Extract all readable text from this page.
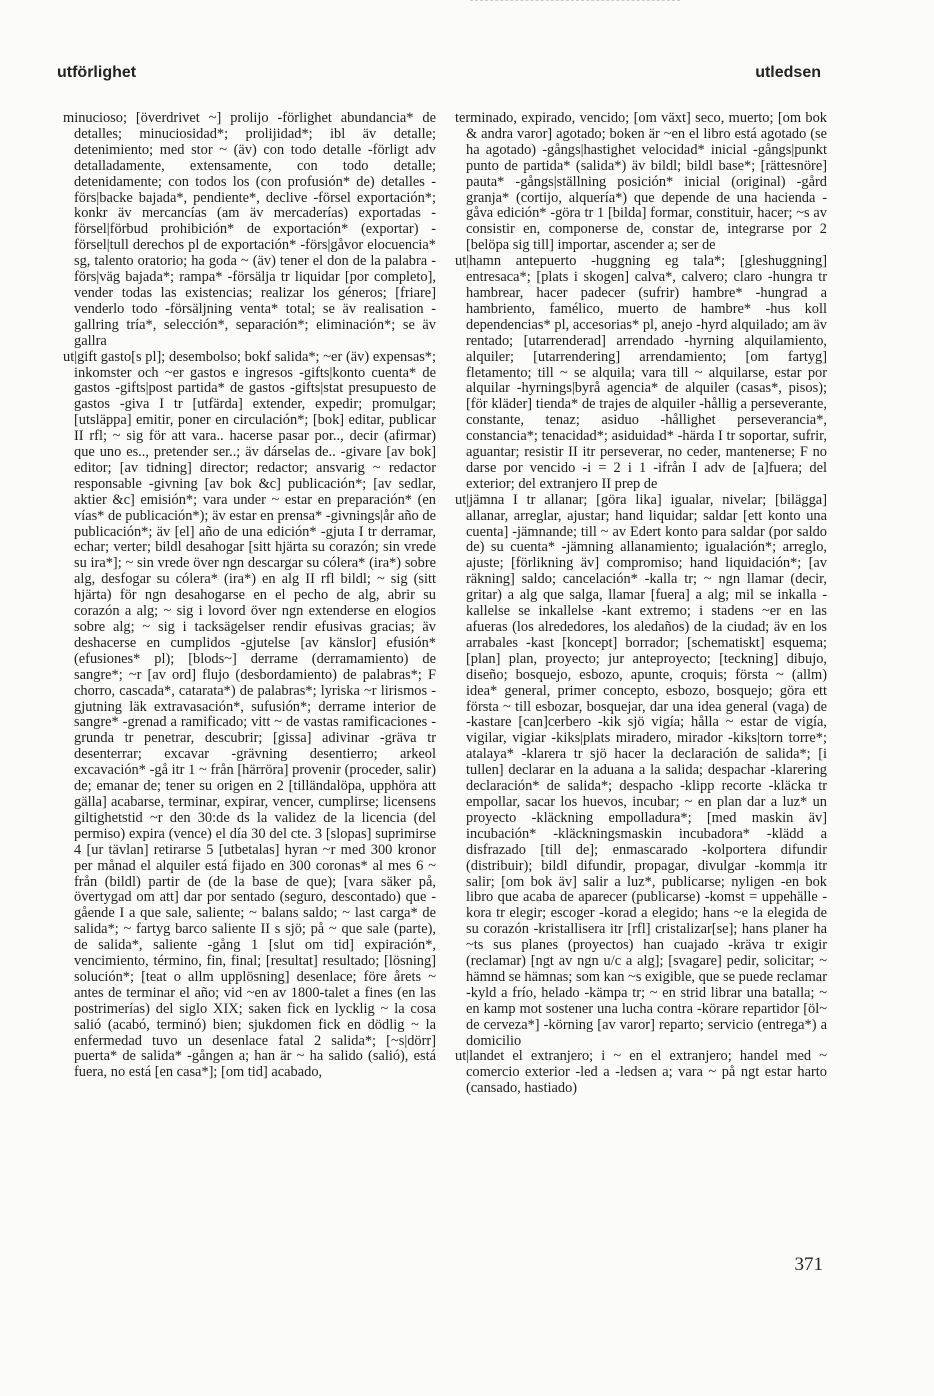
utförlighet	utledsen

minucioso; [överdrivet ~] prolijo -förlighet abundancia* de detalles; minuciosidad*; prolijidad*; ibl äv detalle; detenimiento; med stor ~ (äv) con todo detalle -förligt adv detalladamente, extensamente, con todo detalle; detenidamente; con todos los (con profusión* de) detalles -förs|backe bajada*, pendiente*, declive -försel exportación*; konkr äv mercancías (am äv mercaderías) exportadas -försel|förbud prohibición* de exportación* (exportar) -försel|tull derechos pl de exportación* -förs|gåvor elocuencia* sg, talento oratorio; ha goda ~ (äv) tener el don de la palabra -förs|väg bajada*; rampa* -försälja tr liquidar [por completo], vender todas las existencias; realizar los géneros; [friare] venderlo todo -försäljning venta* total; se äv realisation -gallring tría*, selección*, separación*; eliminación*; se äv gallra

ut|gift gasto[s pl]; desembolso; bokf salida*; ~er (äv) expensas*; inkomster och ~er gastos e ingresos -gifts|konto cuenta* de gastos -gifts|post partida* de gastos -gifts|stat presupuesto de gastos -giva I tr [utfärda] extender, expedir; promulgar; [utsläppa] emitir, poner en circulación*; [bok] editar, publicar II rfl; ~ sig för att vara.. hacerse pasar por.., decir (afirmar) que uno es.., pretender ser..; äv dárselas de.. -givare [av bok] editor; [av tidning] director; redactor; ansvarig ~ redactor responsable -givning [av bok &c] publicación*; [av sedlar, aktier &c] emisión*; vara under ~ estar en preparación* (en vías* de publicación*); äv estar en prensa* -givnings|år año de publicación*; äv [el] año de una edición* -gjuta I tr derramar, echar; verter; bildl desahogar [sitt hjärta su corazón; sin vrede su ira*]; ~ sin vrede över ngn descargar su cólera* (ira*) sobre alg, desfogar su cólera* (ira*) en alg II rfl bildl; ~ sig (sitt hjärta) för ngn desahogarse en el pecho de alg, abrir su corazón a alg; ~ sig i lovord över ngn extenderse en elogios sobre alg; ~ sig i tacksägelser rendir efusivas gracias; äv deshacerse en cumplidos -gjutelse [av känslor] efusión* (efusiones* pl); [blods~] derrame (derramamiento) de sangre*; ~r [av ord] flujo (desbordamiento) de palabras*; F chorro, cascada*, catarata*) de palabras*; lyriska ~r lirismos -gjutning läk extravasación*, sufusión*; derrame interior de sangre* -grenad a ramificado; vitt ~ de vastas ramificaciones -grunda tr penetrar, descubrir; [gissa] adivinar -gräva tr desenterrar; excavar -grävning desentierro; arkeol excavación* -gå itr 1 ~ från [härröra] provenir (proceder, salir) de; emanar de; tener su origen en 2 [tilländalöpa, upphöra att gälla] acabarse, terminar, expirar, vencer, cumplirse; licensens giltighetstid ~r den 30:de ds la validez de la licencia (del permiso) expira (vence) el día 30 del cte. 3 [slopas] suprimirse 4 [ur tävlan] retirarse 5 [utbetalas] hyran ~r med 300 kronor per månad el alquiler está fijado en 300 coronas* al mes 6 ~ från (bildl) partir de (de la base de que); [vara säker på, övertygad om att] dar por sentado (seguro, descontado) que -gående I a que sale, saliente; ~ balans saldo; ~ last carga* de salida*; ~ fartyg barco saliente II s sjö; på ~ que sale (parte), de salida*, saliente -gång 1 [slut om tid] expiración*, vencimiento, término, fin, final; [resultat] resultado; [lösning] solución*; [teat o allm upplösning] desenlace; före årets ~ antes de terminar el año; vid ~en av 1800-talet a fines (en las postrimerías) del siglo XIX; saken fick en lycklig ~ la cosa salió (acabó, terminó) bien; sjukdomen fick en dödlig ~ la enfermedad tuvo un desenlace fatal 2 salida*; [~s|dörr] puerta* de salida* -gången a; han är ~ ha salido (salió), está fuera, no está [en casa*]; [om tid] acabado,

terminado, expirado, vencido; [om växt] seco, muerto; [om bok & andra varor] agotado; boken är ~en el libro está agotado (se ha agotado) -gångs|hastighet velocidad* inicial -gångs|punkt punto de partida* (salida*) äv bildl; bildl base*; [rättesnöre] pauta* -gångs|ställning posición* inicial (original) -gård granja* (cortijo, alquería*) que depende de una hacienda -gåva edición* -göra tr 1 [bilda] formar, constituir, hacer; ~s av consistir en, componerse de, constar de, integrarse por 2 [belöpa sig till] importar, ascender a; ser de

ut|hamn antepuerto -huggning eg tala*; [gleshuggning] entresaca*; [plats i skogen] calva*, calvero; claro -hungra tr hambrear, hacer padecer (sufrir) hambre* -hungrad a hambriento, famélico, muerto de hambre* -hus koll dependencias* pl, accesorias* pl, anejo -hyrd alquilado; am äv rentado; [utarrenderad] arrendado -hyrning alquilamiento, alquiler; [utarrendering] arrendamiento; [om fartyg] fletamento; till ~ se alquila; vara till ~ alquilarse, estar por alquilar -hyrnings|byrå agencia* de alquiler (casas*, pisos); [för kläder] tienda* de trajes de alquiler -hållig a perseverante, constante, tenaz; asiduo -hållighet perseverancia*, constancia*; tenacidad*; asiduidad* -härda I tr soportar, sufrir, aguantar; resistir II itr perseverar, no ceder, mantenerse; F no darse por vencido -i = 2 i 1 -ifrån I adv de [a]fuera; del exterior; del extranjero II prep de

ut|jämna I tr allanar; [göra lika] igualar, nivelar; [bilägga] allanar, arreglar, ajustar; hand liquidar; saldar [ett konto una cuenta] -jämnande; till ~ av Edert konto para saldar (por saldo de) su cuenta* -jämning allanamiento; igualación*; arreglo, ajuste; [förlikning äv] compromiso; hand liquidación*; [av räkning] saldo; cancelación* -kalla tr; ~ ngn llamar (decir, gritar) a alg que salga, llamar [fuera] a alg; mil se inkalla -kallelse se inkallelse -kant extremo; i stadens ~er en las afueras (los alrededores, los aledaños) de la ciudad; äv en los arrabales -kast [koncept] borrador; [schematiskt] esquema; [plan] plan, proyecto; jur anteproyecto; [teckning] dibujo, diseño; bosquejo, esbozo, apunte, croquis; första ~ (allm) idea* general, primer concepto, esbozo, bosquejo; göra ett första ~ till esbozar, bosquejar, dar una idea general (vaga) de -kastare [can]cerbero -kik sjö vigía; hålla ~ estar de vigía, vigilar, vigiar -kiks|plats miradero, mirador -kiks|torn torre*; atalaya* -klarera tr sjö hacer la declaración de salida*; [i tullen] declarar en la aduana a la salida; despachar -klarering declaración* de salida*; despacho -klipp recorte -kläcka tr empollar, sacar los huevos, incubar; ~ en plan dar a luz* un proyecto -kläckning empolladura*; [med maskin äv] incubación* -kläckningsmaskin incubadora* -klädd a disfrazado [till de]; enmascarado -kolportera difundir (distribuir); bildl difundir, propagar, divulgar -komm|a itr salir; [om bok äv] salir a luz*, publicarse; nyligen -en bok libro que acaba de aparecer (publicarse) -komst = uppehälle -kora tr elegir; escoger -korad a elegido; hans ~e la elegida de su corazón -kristallisera itr [rfl] cristalizar[se]; hans planer ha ~ts sus planes (proyectos) han cuajado -kräva tr exigir (reclamar) [ngt av ngn u/c a alg]; [svagare] pedir, solicitar; ~ hämnd se hämnas; som kan ~s exigible, que se puede reclamar -kyld a frío, helado -kämpa tr; ~ en strid librar una batalla; ~ en kamp mot sostener una lucha contra -körare repartidor [öl~ de cerveza*] -körning [av varor] reparto; servicio (entrega*) a domicilio

ut|landet el extranjero; i ~ en el extranjero; handel med ~ comercio exterior -led a -ledsen a; vara ~ på ngt estar harto (cansado, hastiado)

371
